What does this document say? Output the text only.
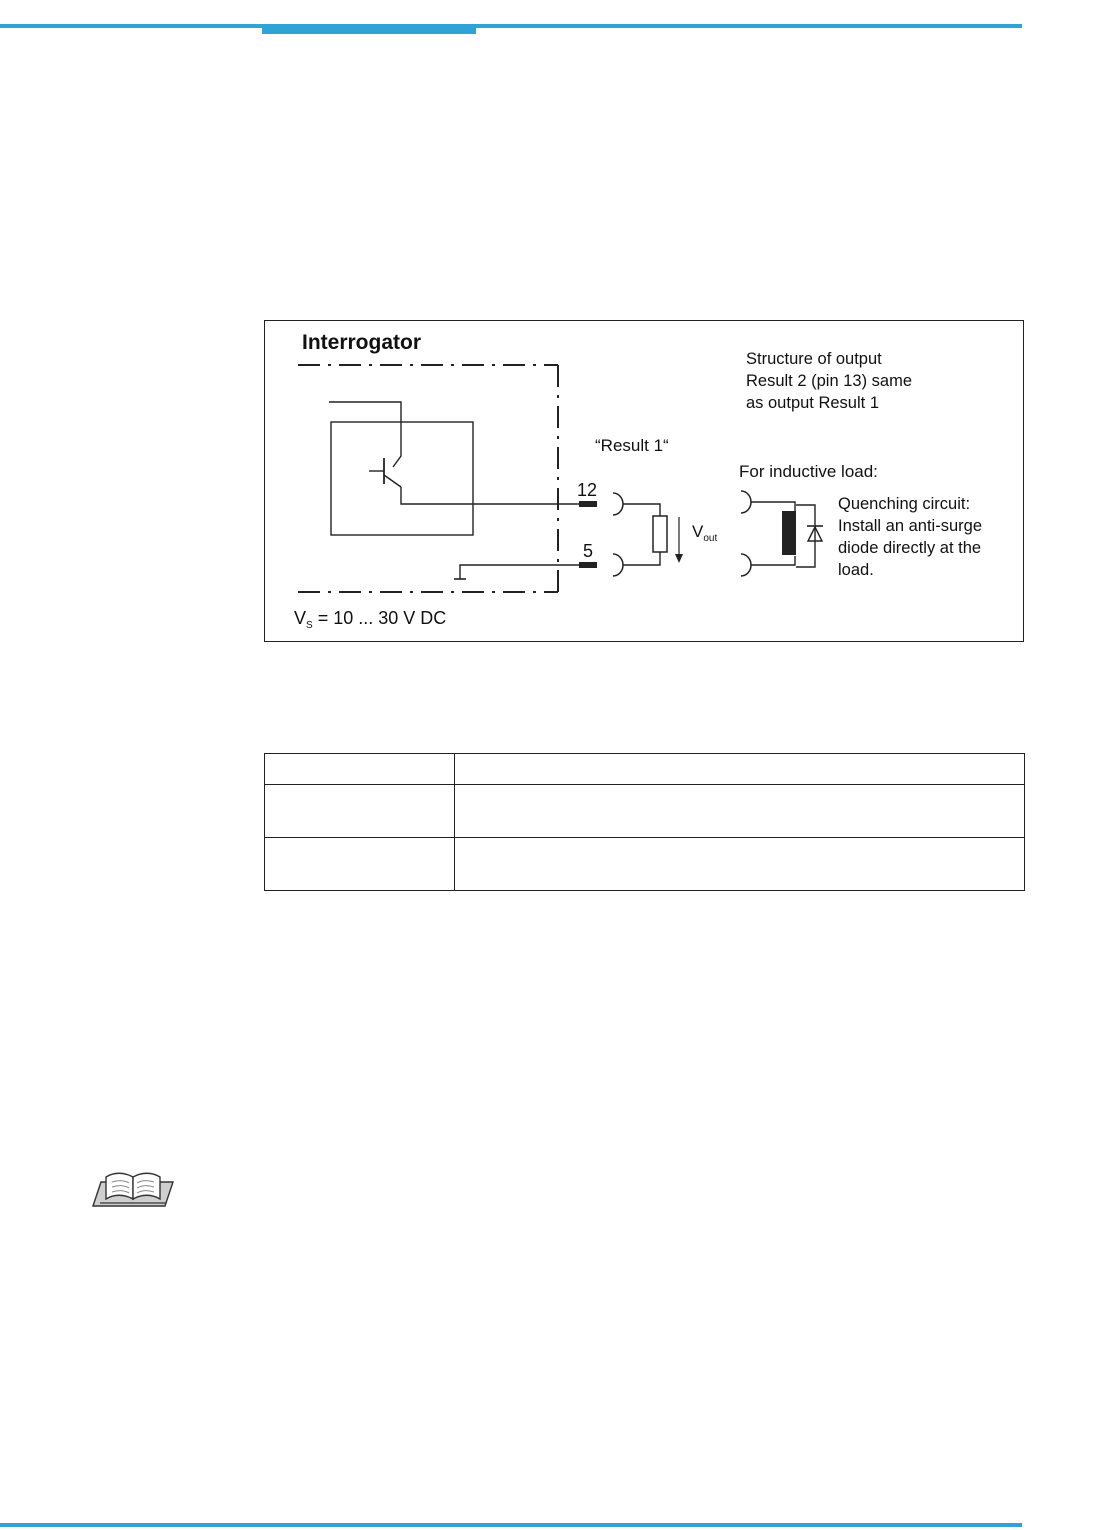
Interrogator
Structure of output
Result 2 (pin 13) same
as output Result 1
“Result 1“
For inductive load:
12
5
$V_{out}$
Quenching circuit:
Install an anti-surge
diode directly at the
load.
$V_S = 10$ ... 30 V DC
